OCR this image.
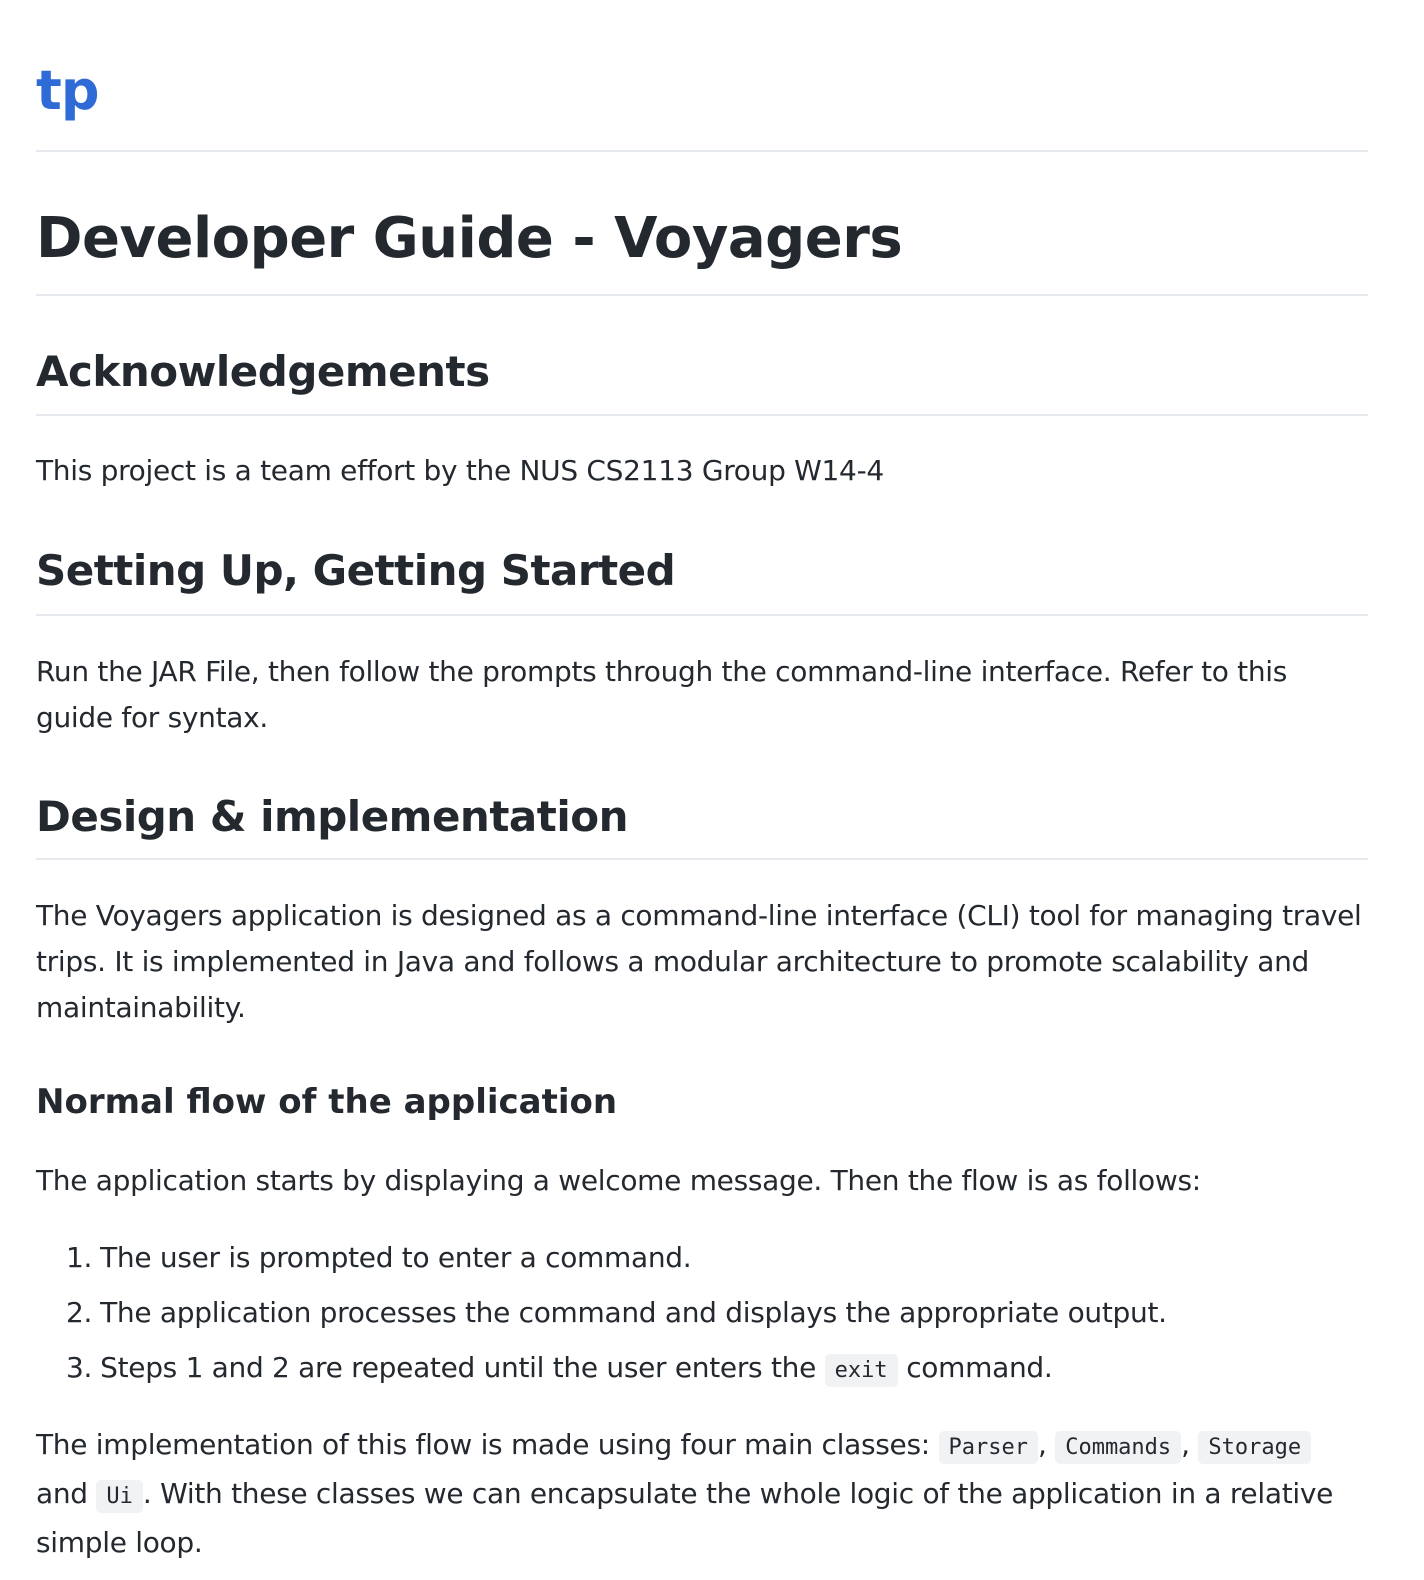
tp
Developer Guide - Voyagers
Acknowledgements
This project is a team effort by the NUS CS2113 Group W14-4
Setting Up, Getting Started
Run the JAR File, then follow the prompts through the command-line interface. Refer to this
guide for syntax.
Design & implementation
The Voyagers application is designed as a command-line interface (CLI) tool for managing travel
trips. It is implemented in Java and follows a modular architecture to promote scalability and
maintainability.
Normal flow of the application
The application starts by displaying a welcome message. Then the flow is as follows:
1. The user is prompted to enter a command.
2. The application processes the command and displays the appropriate output.
3. Steps 1 and 2 are repeated until the user enters the exit command.
The implementation of this flow is made using four main classes: Parser , Commands , Storage
and Ui . With these classes we can encapsulate the whole logic of the application in a relative
simple loop.
